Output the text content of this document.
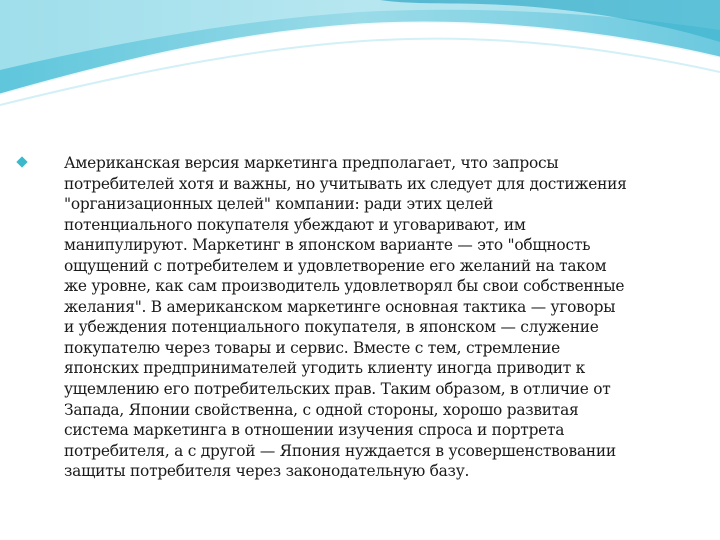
Американская версия маркетинга предполагает, что запросы
потребителей хотя и важны, но учитывать их следует для достижения
"организационных целей" компании: ради этих целей
потенциального покупателя убеждают и уговаривают, им
манипулируют. Маркетинг в японском варианте — это "общность
ощущений с потребителем и удовлетворение его желаний на таком
же уровне, как сам производитель удовлетворял бы свои собственные
желания". В американском маркетинге основная тактика — уговоры
и убеждения потенциального покупателя, в японском — служение
покупателю через товары и сервис. Вместе с тем, стремление
японских предпринимателей угодить клиенту иногда приводит к
ущемлению его потребительских прав. Таким образом, в отличие от
Запада, Японии свойственна, с одной стороны, хорошо развитая
система маркетинга в отношении изучения спроса и портрета
потребителя, а с другой — Япония нуждается в усовершенствовании
защиты потребителя через законодательную базу.
